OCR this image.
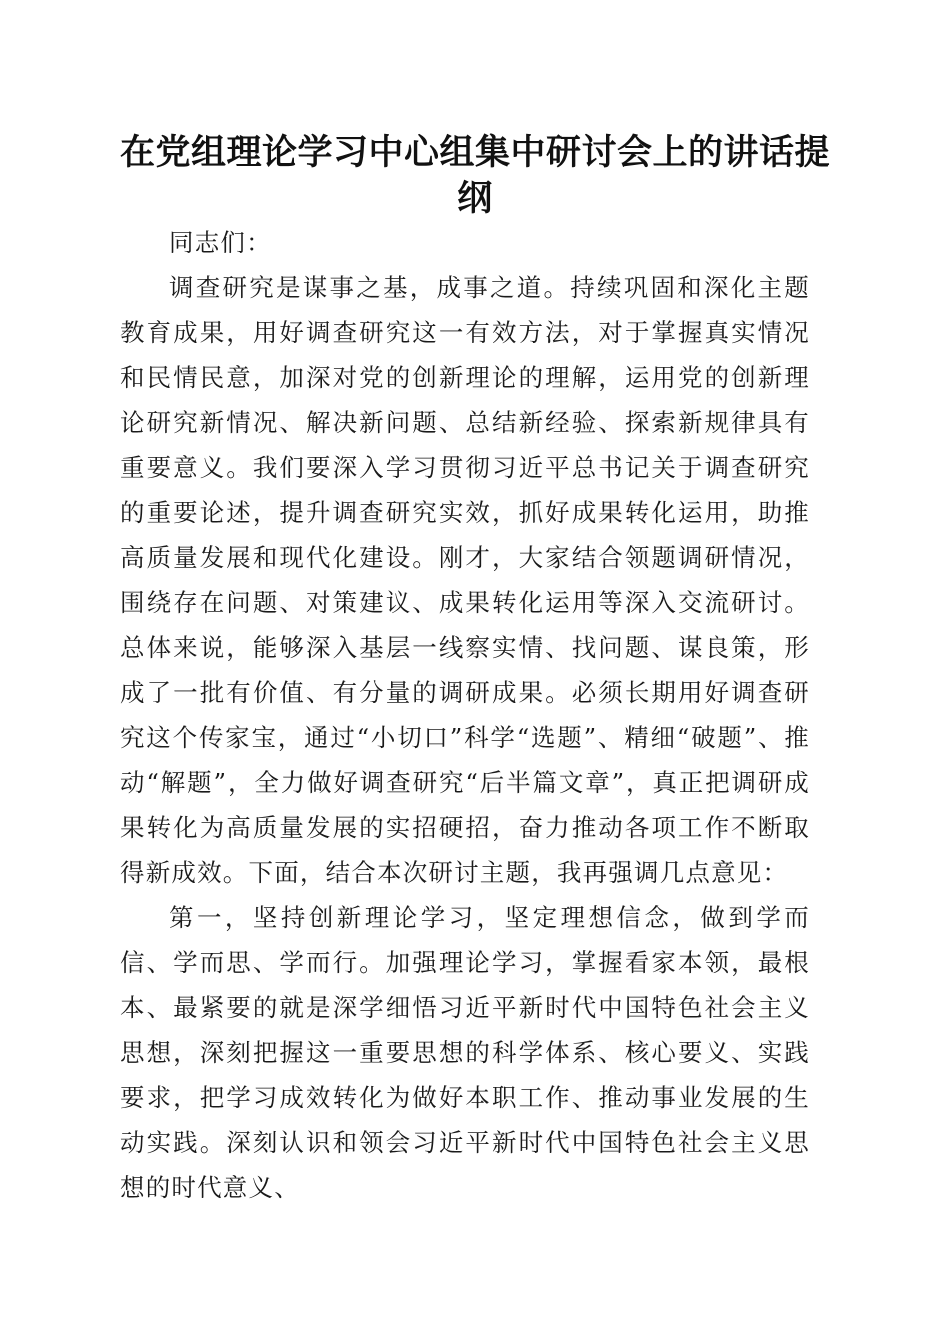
在党组理论学习中心组集中研讨会上的讲话提纲

同志们：

调查研究是谋事之基，成事之道。持续巩固和深化主题教育成果，用好调查研究这一有效方法，对于掌握真实情况和民情民意，加深对党的创新理论的理解，运用党的创新理论研究新情况、解决新问题、总结新经验、探索新规律具有重要意义。我们要深入学习贯彻习近平总书记关于调查研究的重要论述，提升调查研究实效，抓好成果转化运用，助推高质量发展和现代化建设。刚才，大家结合领题调研情况，围绕存在问题、对策建议、成果转化运用等深入交流研讨。总体来说，能够深入基层一线察实情、找问题、谋良策，形成了一批有价值、有分量的调研成果。必须长期用好调查研究这个传家宝，通过“小切口”科学“选题”、精细“破题”、推动“解题”，全力做好调查研究“后半篇文章”，真正把调研成果转化为高质量发展的实招硬招，奋力推动各项工作不断取得新成效。下面，结合本次研讨主题，我再强调几点意见：

第一，坚持创新理论学习，坚定理想信念，做到学而信、学而思、学而行。加强理论学习，掌握看家本领，最根本、最紧要的就是深学细悟习近平新时代中国特色社会主义思想，深刻把握这一重要思想的科学体系、核心要义、实践要求，把学习成效转化为做好本职工作、推动事业发展的生动实践。深刻认识和领会习近平新时代中国特色社会主义思想的时代意义、
